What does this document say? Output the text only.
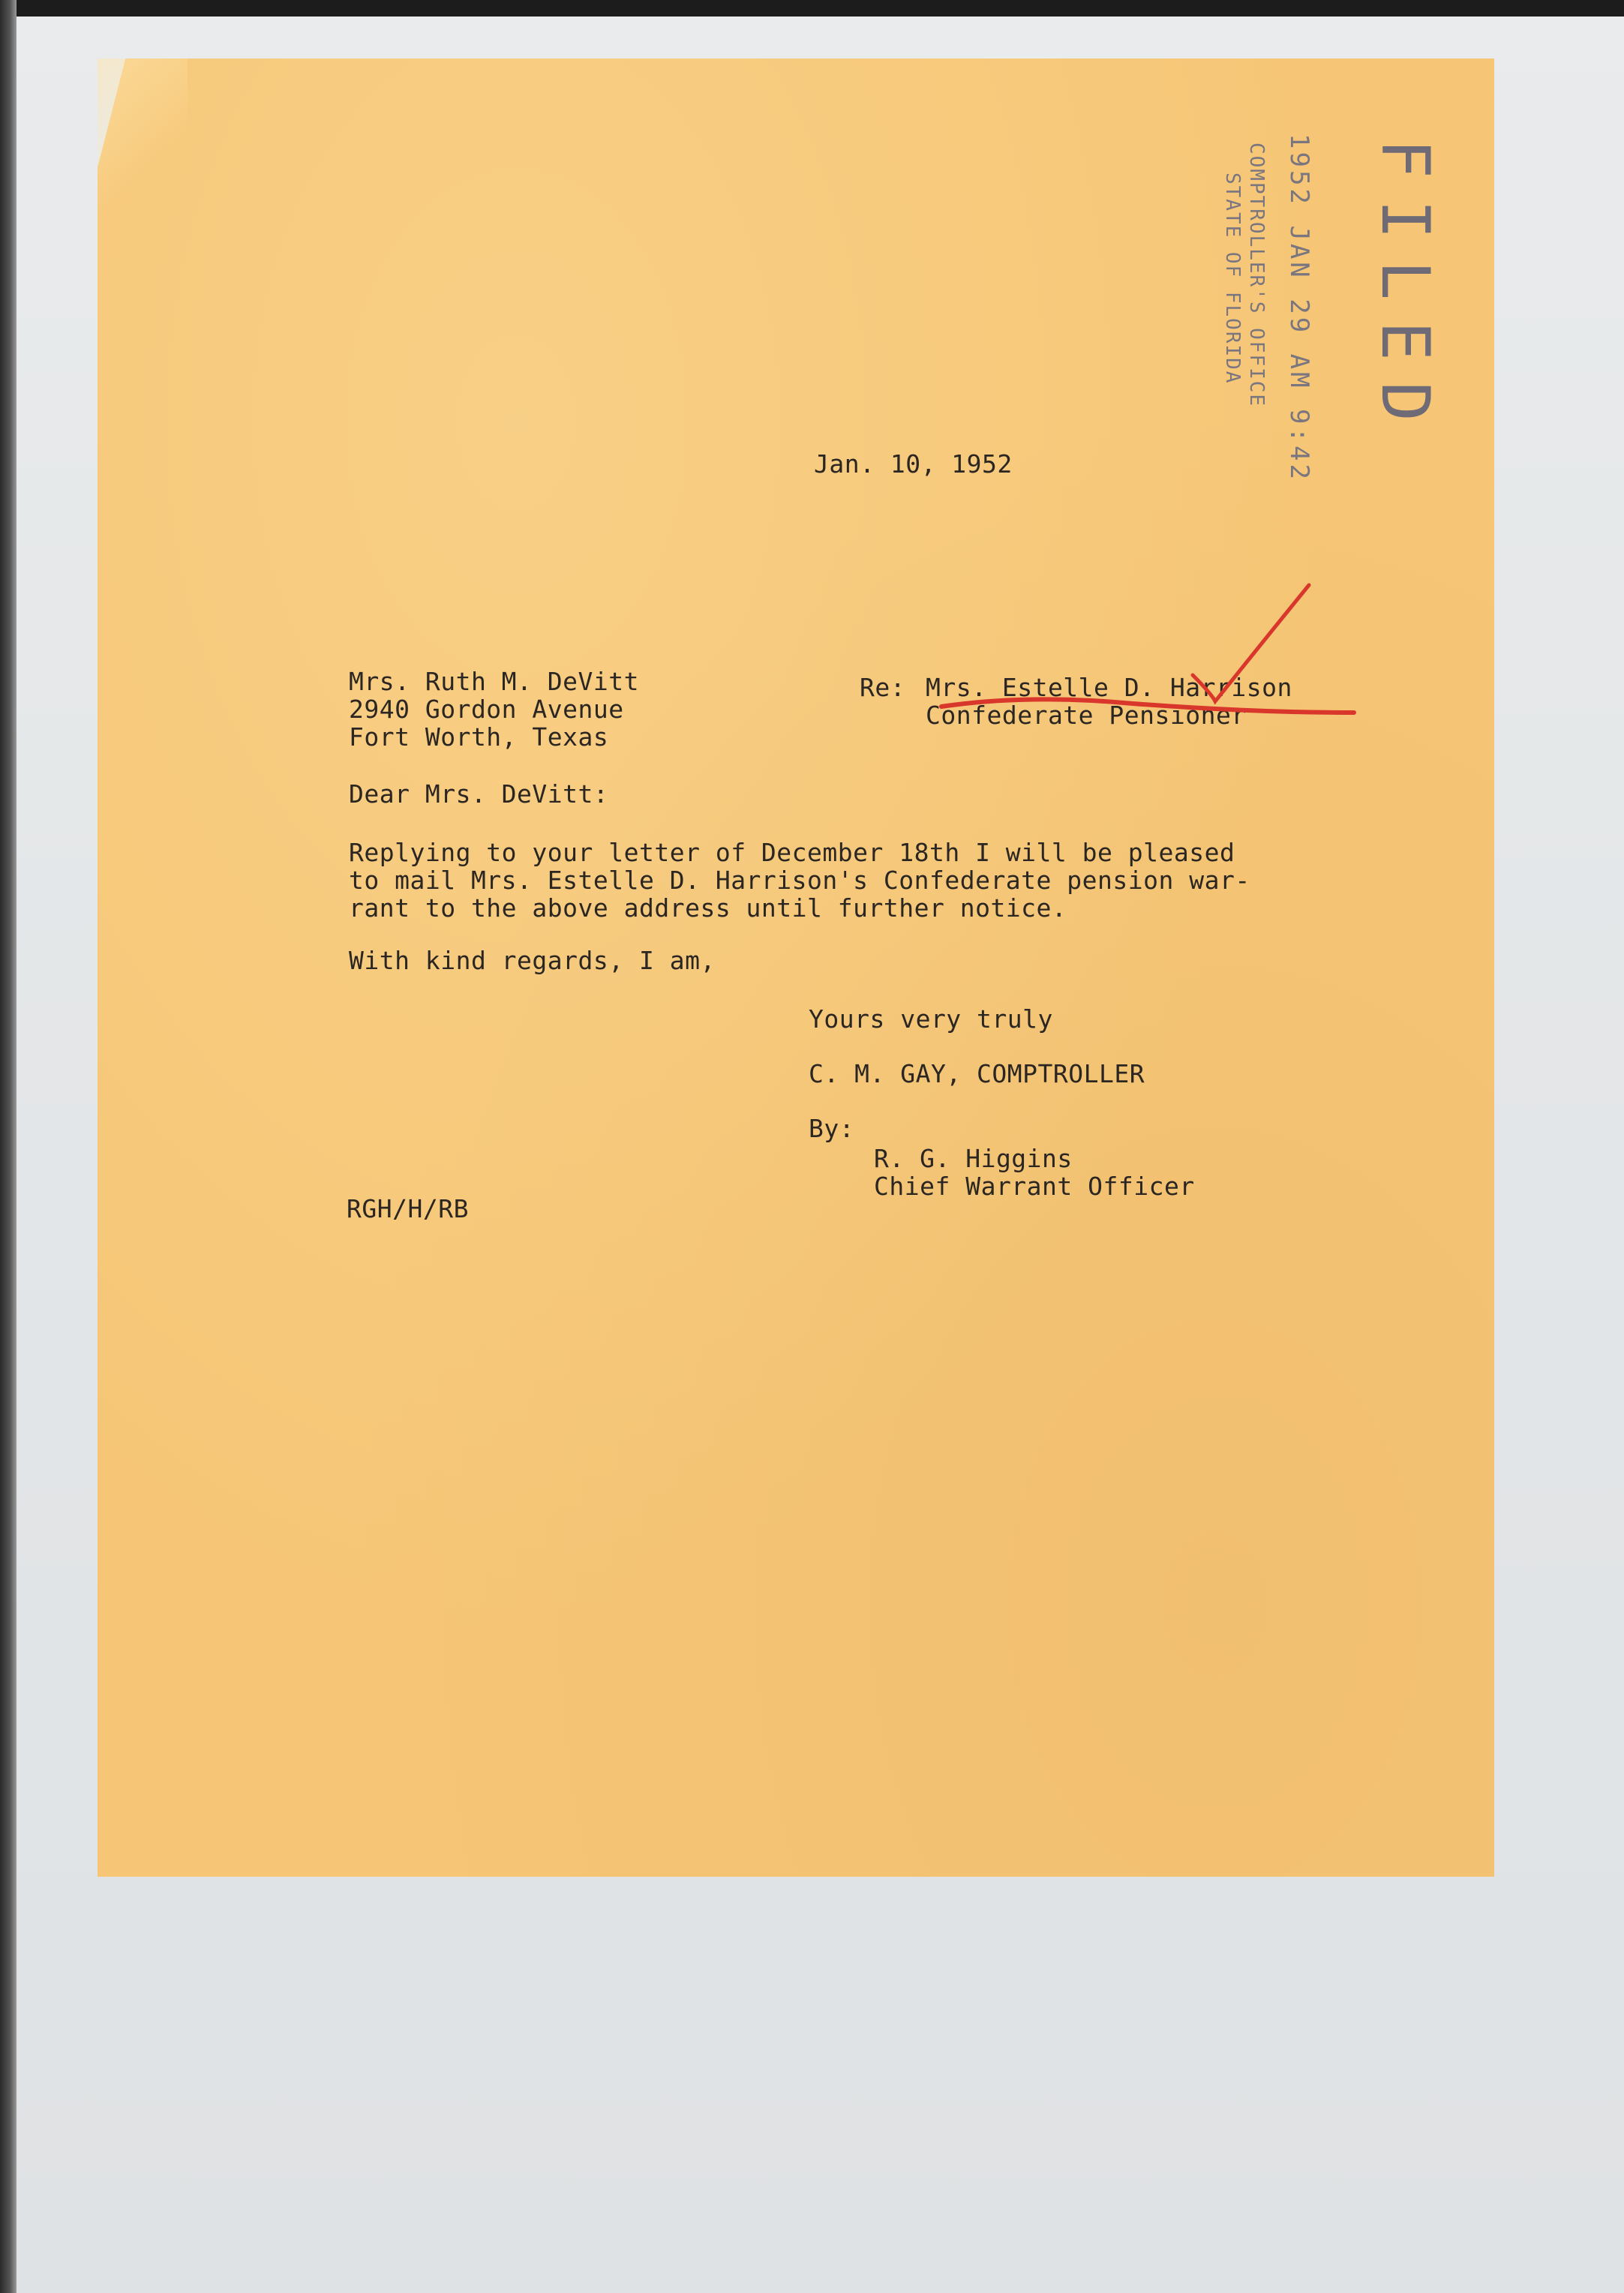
FILED
1952 JAN 29 AM 9:42
COMPTROLLER'S OFFICE
STATE OF FLORIDA
Jan. 10, 1952
Mrs. Ruth M. DeVitt
2940 Gordon Avenue
Fort Worth, Texas
Re: Mrs. Estelle D. Harrison
Confederate Pensioner
Dear Mrs. DeVitt:
Replying to your letter of December 18th I will be pleased
to mail Mrs. Estelle D. Harrison's Confederate pension war-
rant to the above address until further notice.
With kind regards, I am,
Yours very truly
C. M. GAY, COMPTROLLER
By:
R. G. Higgins
Chief Warrant Officer
RGH/H/RB
